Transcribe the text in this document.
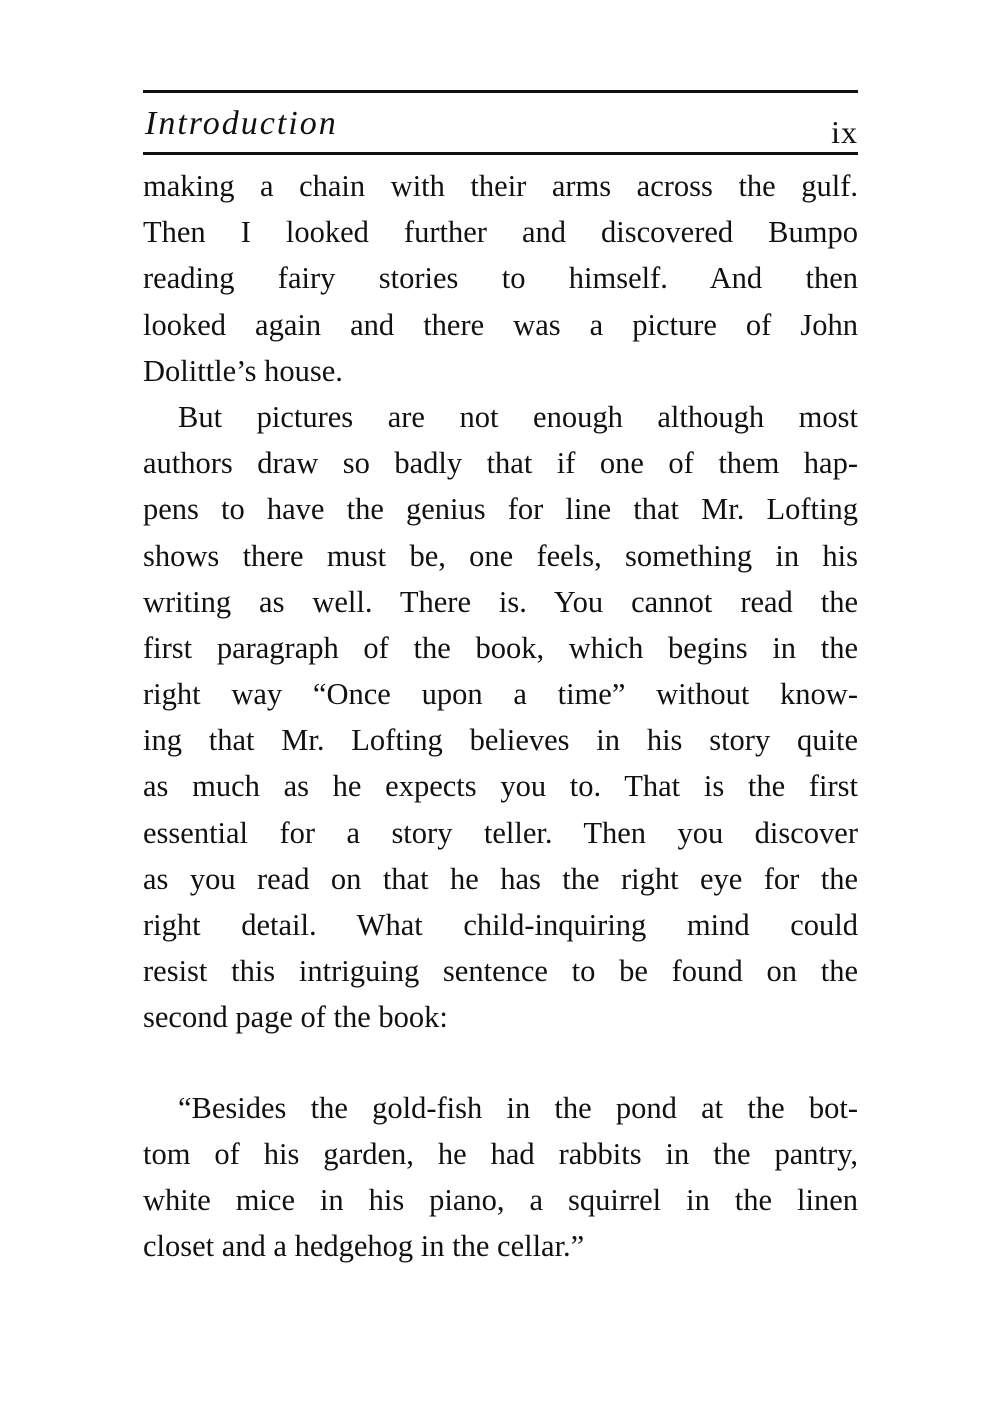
Introduction	ix
making a chain with their arms across the gulf.
Then I looked further and discovered Bumpo
reading fairy stories to himself. And then
looked again and there was a picture of John
Dolittle’s house.
But pictures are not enough although most
authors draw so badly that if one of them hap-
pens to have the genius for line that Mr. Lofting
shows there must be, one feels, something in his
writing as well. There is. You cannot read the
first paragraph of the book, which begins in the
right way “Once upon a time” without know-
ing that Mr. Lofting believes in his story quite
as much as he expects you to. That is the first
essential for a story teller. Then you discover
as you read on that he has the right eye for the
right detail. What child-inquiring mind could
resist this intriguing sentence to be found on the
second page of the book:
“Besides the gold-fish in the pond at the bot-
tom of his garden, he had rabbits in the pantry,
white mice in his piano, a squirrel in the linen
closet and a hedgehog in the cellar.”
